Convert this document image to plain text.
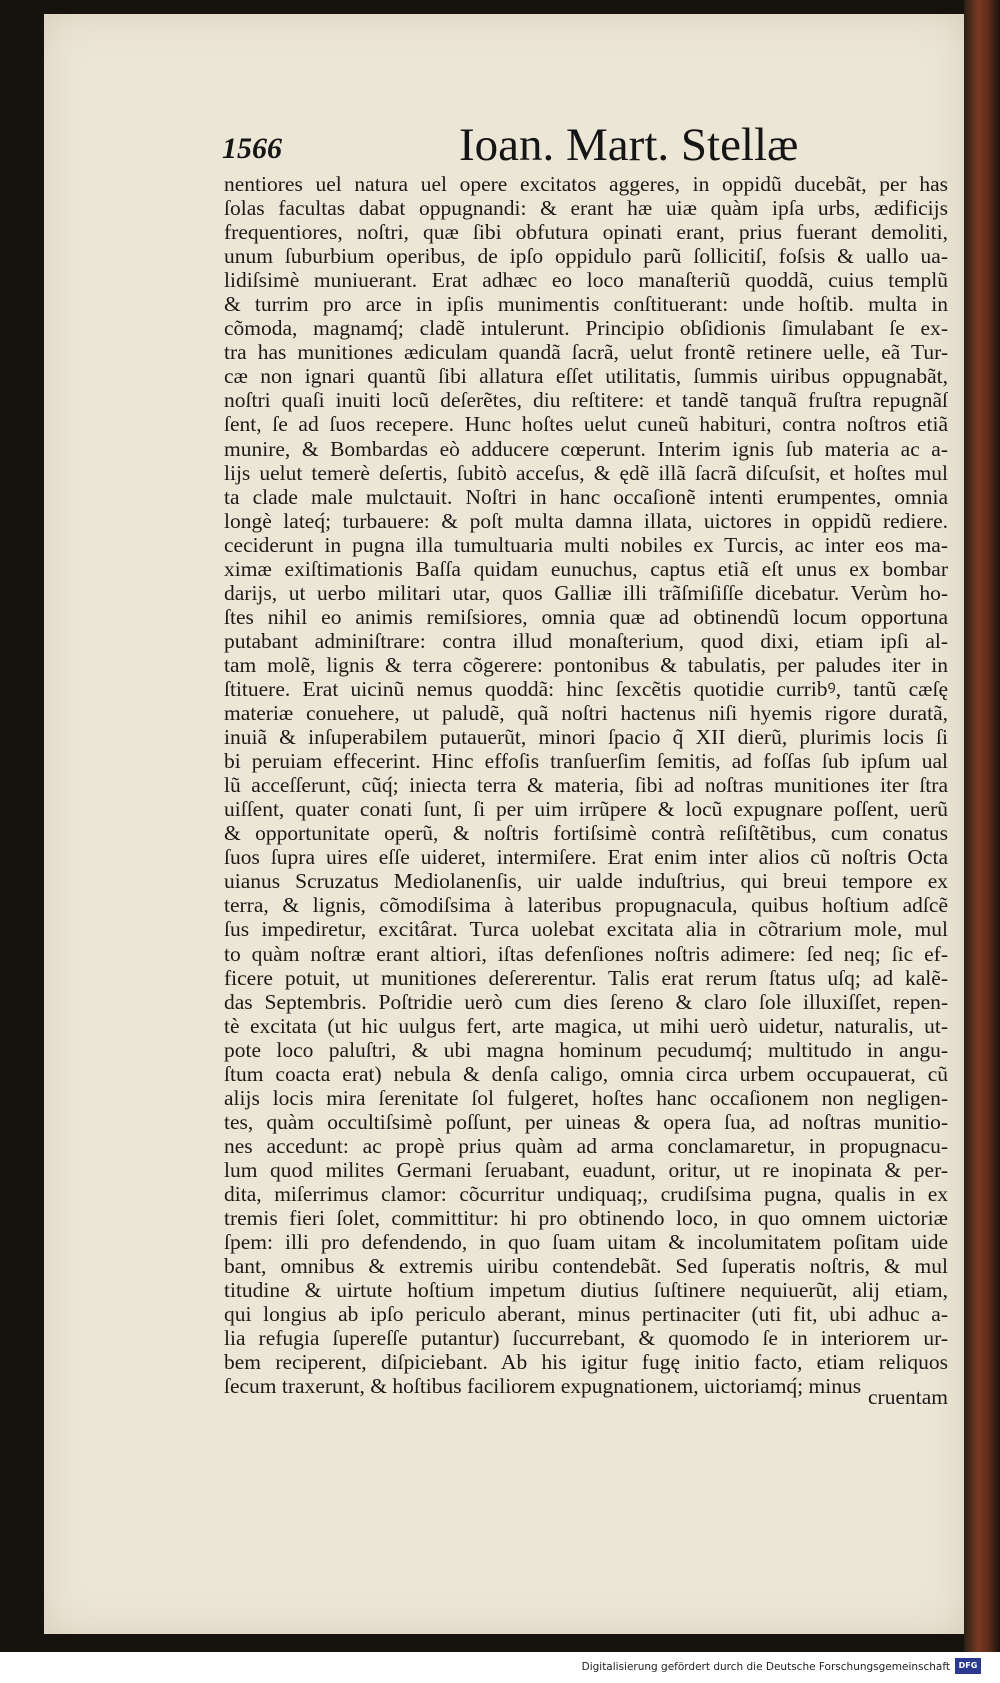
1566	Ioan. Mart. Stellæ
nentiores uel natura uel opere excitatos aggeres, in oppidũ ducebãt, per has
ſolas facultas dabat oppugnandi: & erant hæ uiæ quàm ipſa urbs, ædificijs
frequentiores, noſtri, quæ ſibi obfutura opinati erant, prius fuerant demoliti,
unum ſuburbium operibus, de ipſo oppidulo parũ ſollicitiſ, foſsis & uallo ua-
lidiſsimè muniuerant. Erat adhæc eo loco manaſteriũ quoddã, cuius templũ
& turrim pro arce in ipſis munimentis conſtituerant: unde hoſtib. multa in
cõmoda, magnamq́; cladẽ intulerunt. Principio obſidionis ſimulabant ſe ex-
tra has munitiones ædiculam quandã ſacrã, uelut frontẽ retinere uelle, eã Tur-
cæ non ignari quantũ ſibi allatura eſſet utilitatis, ſummis uiribus oppugnabãt,
noſtri quaſi inuiti locũ deſerẽtes, diu reſtitere: et tandẽ tanquã fruſtra repugnãſ
ſent, ſe ad ſuos recepere. Hunc hoſtes uelut cuneũ habituri, contra noſtros etiã
munire, & Bombardas eò adducere cœperunt. Interim ignis ſub materia ac a-
lijs uelut temerè deſertis, ſubitò acceſus, & ędẽ illã ſacrã diſcuſsit, et hoſtes mul
ta clade male mulctauit. Noſtri in hanc occaſionẽ intenti erumpentes, omnia
longè lateq́; turbauere: & poſt multa damna illata, uictores in oppidũ rediere.
ceciderunt in pugna illa tumultuaria multi nobiles ex Turcis, ac inter eos ma-
ximæ exiſtimationis Baſſa quidam eunuchus, captus etiã eſt unus ex bombar
darijs, ut uerbo militari utar, quos Galliæ illi trãſmiſiſſe dicebatur. Verùm ho-
ſtes nihil eo animis remiſsiores, omnia quæ ad obtinendũ locum opportuna
putabant adminiſtrare: contra illud monaſterium, quod dixi, etiam ipſi al-
tam molẽ, lignis & terra cõgerere: pontonibus & tabulatis, per paludes iter in
ſtituere. Erat uicinũ nemus quoddã: hinc ſexcẽtis quotidie curribꝰ, tantũ cæſę
materiæ conuehere, ut paludẽ, quã noſtri hactenus niſi hyemis rigore duratã,
inuiã & inſuperabilem putauerũt, minori ſpacio q̃ XII dierũ, plurimis locis ſi
bi peruiam effecerint. Hinc effoſis tranſuerſim ſemitis, ad foſſas ſub ipſum ual
lũ acceſſerunt, cũq́; iniecta terra & materia, ſibi ad noſtras munitiones iter ſtra
uiſſent, quater conati ſunt, ſi per uim irrũpere & locũ expugnare poſſent, uerũ
& opportunitate operũ, & noſtris fortiſsimè contrà reſiſtẽtibus, cum conatus
ſuos ſupra uires eſſe uideret, intermiſere. Erat enim inter alios cũ noſtris Octa
uianus Scruzatus Mediolanenſis, uir ualde induſtrius, qui breui tempore ex
terra, & lignis, cõmodiſsima à lateribus propugnacula, quibus hoſtium adſcẽ
ſus impediretur, excitârat. Turca uolebat excitata alia in cõtrarium mole, mul
to quàm noſtræ erant altiori, iſtas defenſiones noſtris adimere: ſed neq; ſic ef-
ficere potuit, ut munitiones deſererentur. Talis erat rerum ſtatus uſq; ad kalẽ-
das Septembris. Poſtridie uerò cum dies ſereno & claro ſole illuxiſſet, repen-
tè excitata (ut hic uulgus fert, arte magica, ut mihi uerò uidetur, naturalis, ut-
pote loco paluſtri, & ubi magna hominum pecudumq́; multitudo in angu-
ſtum coacta erat) nebula & denſa caligo, omnia circa urbem occupauerat, cũ
alijs locis mira ſerenitate ſol fulgeret, hoſtes hanc occaſionem non negligen-
tes, quàm occultiſsimè poſſunt, per uineas & opera ſua, ad noſtras munitio-
nes accedunt: ac propè prius quàm ad arma conclamaretur, in propugnacu-
lum quod milites Germani ſeruabant, euadunt, oritur, ut re inopinata & per-
dita, miſerrimus clamor: cõcurritur undiquaq;, crudiſsima pugna, qualis in ex
tremis fieri ſolet, committitur: hi pro obtinendo loco, in quo omnem uictoriæ
ſpem: illi pro defendendo, in quo ſuam uitam & incolumitatem poſitam uide
bant, omnibus & extremis uiribu contendebãt. Sed ſuperatis noſtris, & mul
titudine & uirtute hoſtium impetum diutius ſuſtinere nequiuerũt, alij etiam,
qui longius ab ipſo periculo aberant, minus pertinaciter (uti fit, ubi adhuc a-
lia refugia ſupereſſe putantur) ſuccurrebant, & quomodo ſe in interiorem ur-
bem reciperent, diſpiciebant. Ab his igitur fugę initio facto, etiam reliquos
ſecum traxerunt, & hoſtibus faciliorem expugnationem, uictoriamq́; minus cruentam
Digitalisierung gefördert durch die Deutsche Forschungsgemeinschaft	DFG
